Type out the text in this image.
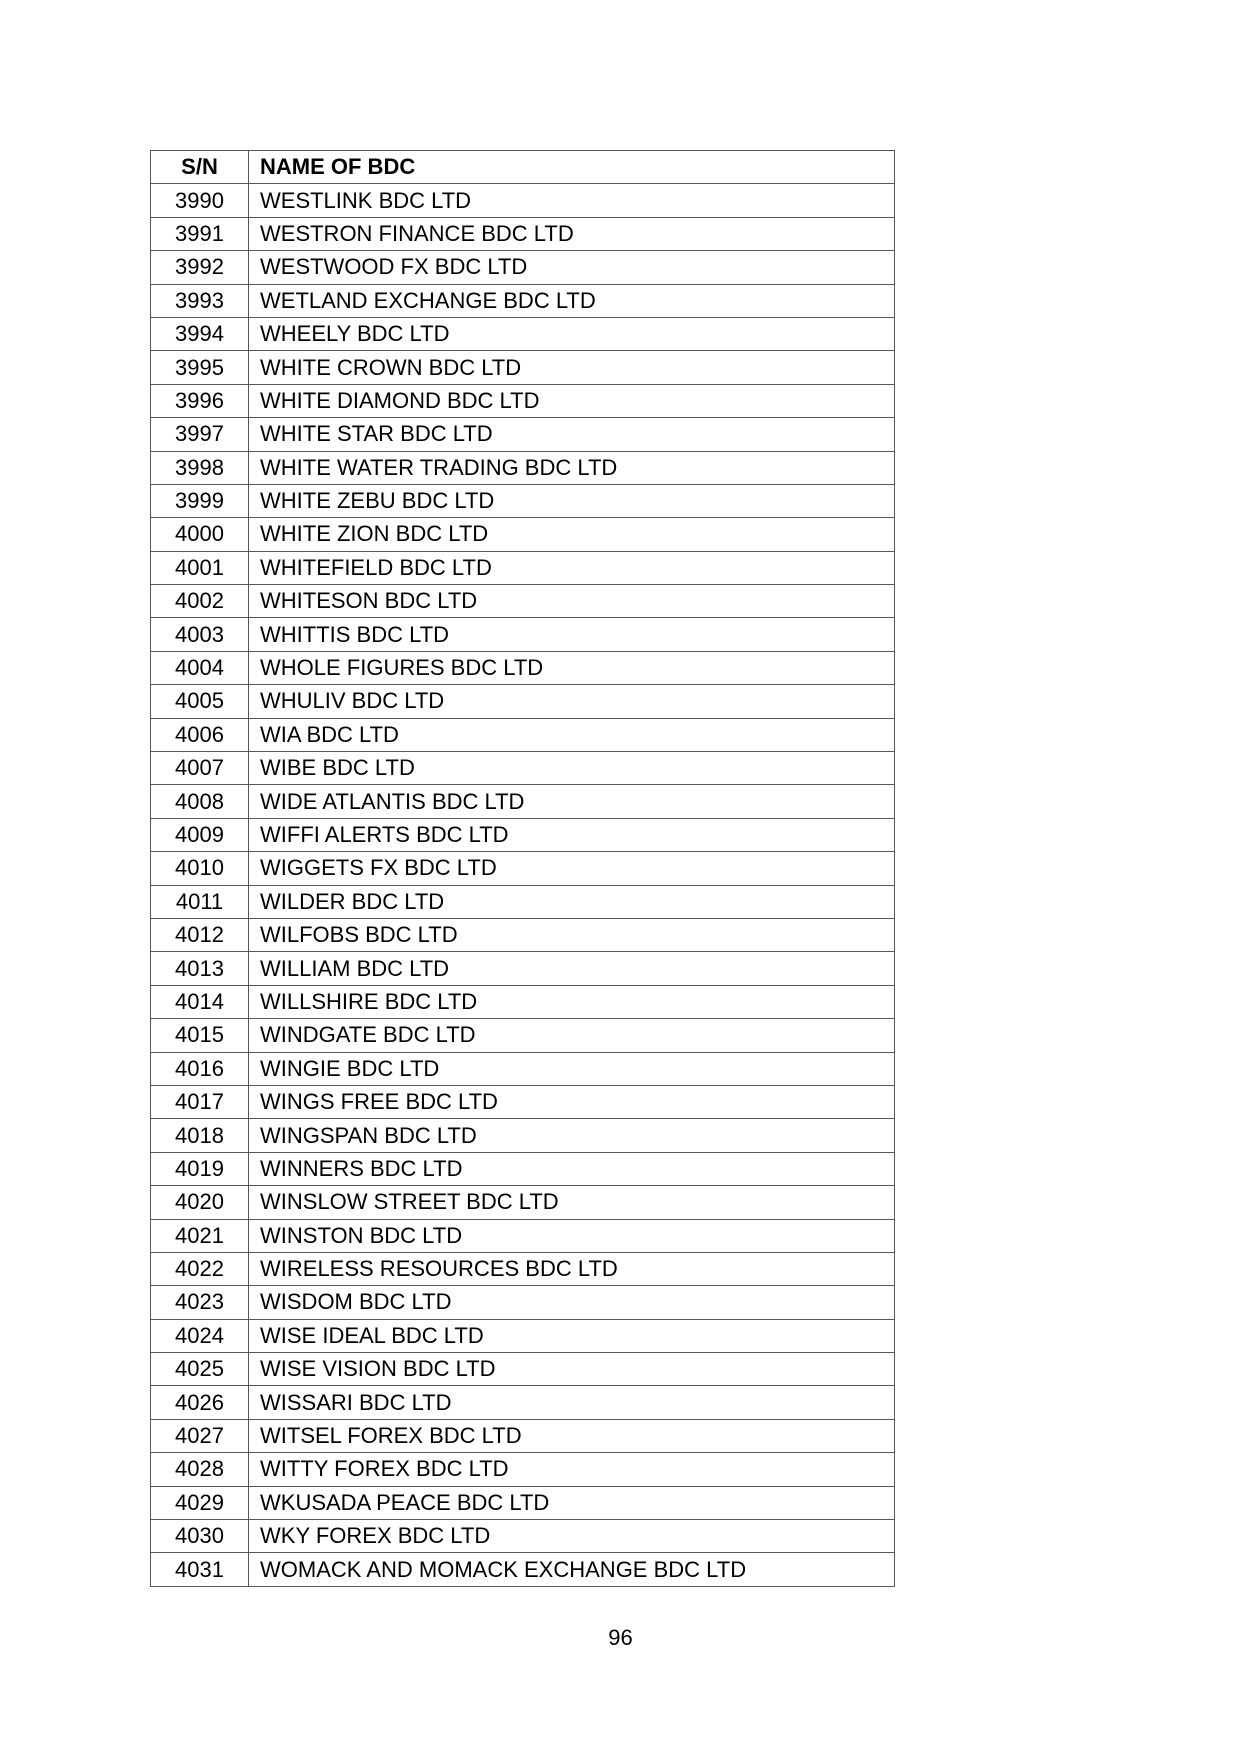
S/N	NAME OF BDC
3990	WESTLINK BDC LTD
3991	WESTRON FINANCE BDC LTD
3992	WESTWOOD FX BDC LTD
3993	WETLAND EXCHANGE BDC LTD
3994	WHEELY BDC LTD
3995	WHITE CROWN BDC LTD
3996	WHITE DIAMOND BDC LTD
3997	WHITE STAR BDC LTD
3998	WHITE WATER TRADING BDC LTD
3999	WHITE ZEBU BDC LTD
4000	WHITE ZION BDC LTD
4001	WHITEFIELD BDC LTD
4002	WHITESON BDC LTD
4003	WHITTIS BDC LTD
4004	WHOLE FIGURES BDC LTD
4005	WHULIV BDC LTD
4006	WIA BDC LTD
4007	WIBE BDC LTD
4008	WIDE ATLANTIS BDC LTD
4009	WIFFI ALERTS BDC LTD
4010	WIGGETS FX BDC LTD
4011	WILDER BDC LTD
4012	WILFOBS BDC LTD
4013	WILLIAM BDC LTD
4014	WILLSHIRE BDC LTD
4015	WINDGATE BDC LTD
4016	WINGIE BDC LTD
4017	WINGS FREE BDC LTD
4018	WINGSPAN BDC LTD
4019	WINNERS BDC LTD
4020	WINSLOW STREET BDC LTD
4021	WINSTON BDC LTD
4022	WIRELESS RESOURCES BDC LTD
4023	WISDOM BDC LTD
4024	WISE IDEAL BDC LTD
4025	WISE VISION BDC LTD
4026	WISSARI BDC LTD
4027	WITSEL FOREX BDC LTD
4028	WITTY FOREX BDC LTD
4029	WKUSADA PEACE BDC LTD
4030	WKY FOREX BDC LTD
4031	WOMACK AND MOMACK EXCHANGE BDC LTD
96
